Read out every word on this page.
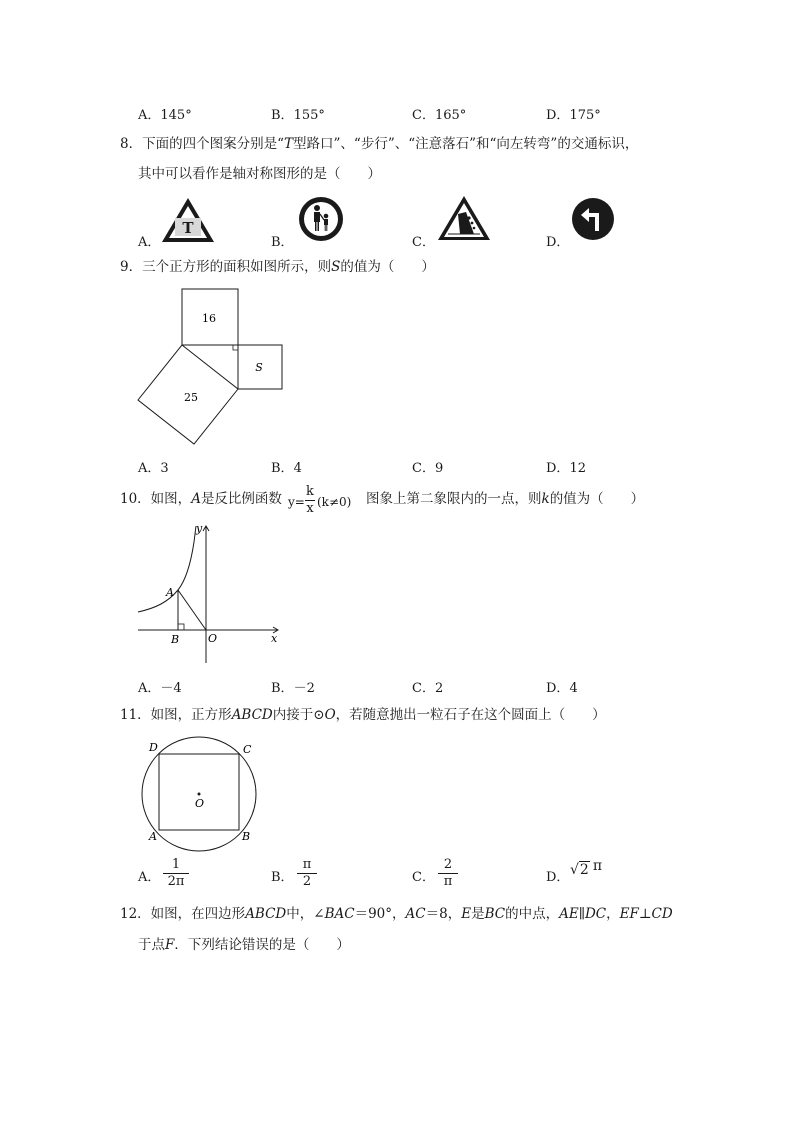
A．145°	B．155°	C．165°	D．175°
8．下面的四个图案分别是“T型路口”、“步行”、“注意落石”和“向左转弯”的交通标识，
其中可以看作是轴对称图形的是（　　）
A．
T
B．	C．	D．
9．三个正方形的面积如图所示，则S的值为（　　）
16
25
S
A．3	B．4	C．9	D．12
10．如图，A是反比例函数 y=
k
x (k≠0) 图象上第二象限内的一点，则k的值为（　　）
y
x
A
B	O
A．－4	B．－2	C．2	D．4
11．如图，正方形ABCD内接于⊙O，若随意抛出一粒石子在这个圆面上（　　）
O
A	B
C
D
A．
1
2π	B．
π
2	C．
2
π	D． √2 π
12．如图，在四边形ABCD中，∠BAC＝90°，AC＝8，E是BC的中点，AE∥DC，EF⊥CD
于点F．下列结论错误的是（　　）
